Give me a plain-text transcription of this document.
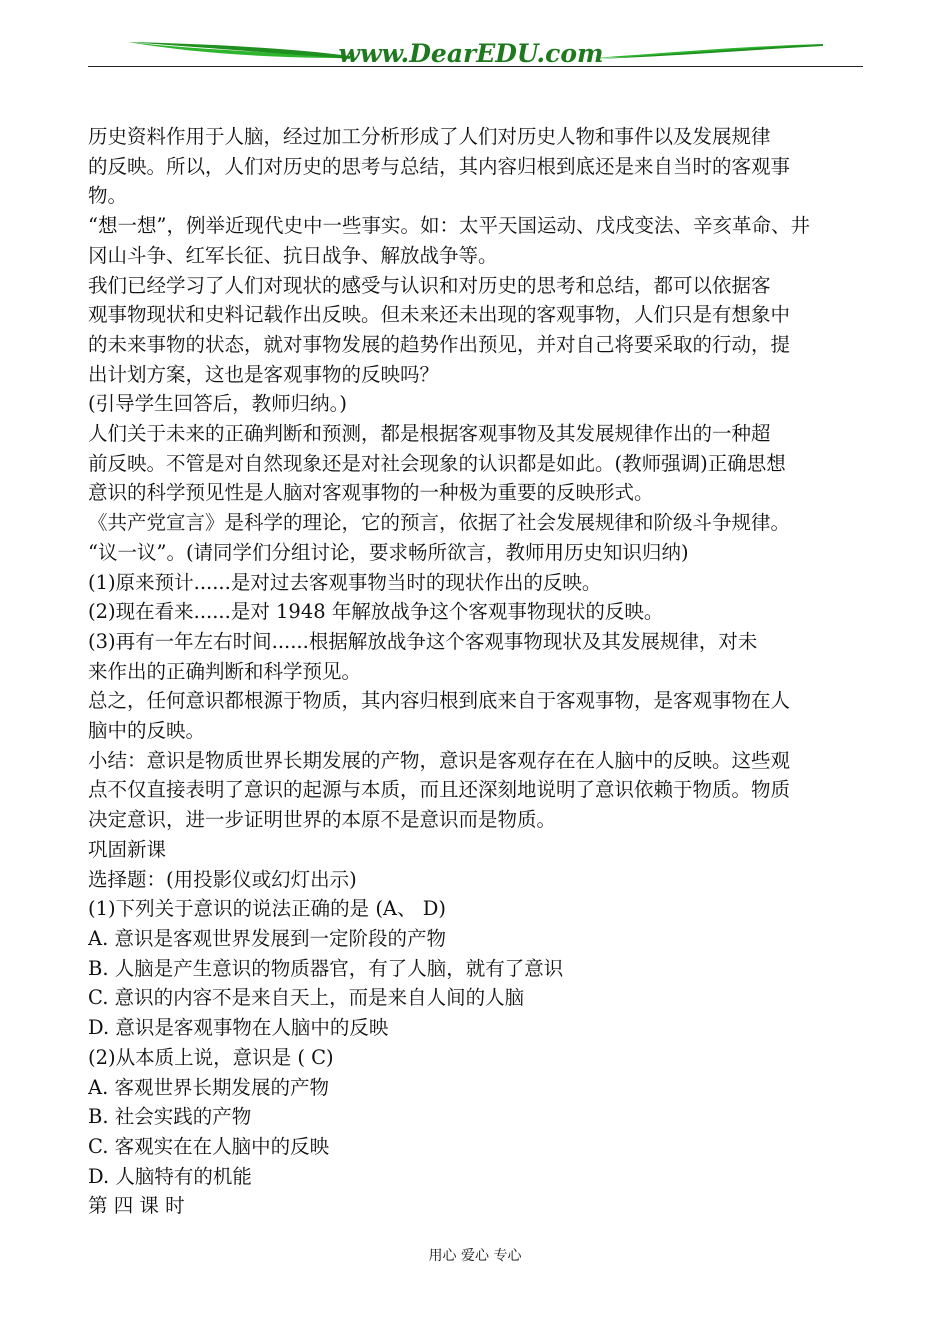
www.DearEDU.com

历史资料作用于人脑，经过加工分析形成了人们对历史人物和事件以及发展规律

的反映。所以，人们对历史的思考与总结，其内容归根到底还是来自当时的客观事

物。

“想一想”，例举近现代史中一些事实。如：太平天国运动、戊戌变法、辛亥革命、井

冈山斗争、红军长征、抗日战争、解放战争等。

我们已经学习了人们对现状的感受与认识和对历史的思考和总结，都可以依据客

观事物现状和史料记载作出反映。但未来还未出现的客观事物，人们只是有想象中

的未来事物的状态，就对事物发展的趋势作出预见，并对自己将要采取的行动，提

出计划方案，这也是客观事物的反映吗？

(引导学生回答后，教师归纳。)

人们关于未来的正确判断和预测，都是根据客观事物及其发展规律作出的一种超

前反映。不管是对自然现象还是对社会现象的认识都是如此。(教师强调)正确思想

意识的科学预见性是人脑对客观事物的一种极为重要的反映形式。

《共产党宣言》是科学的理论，它的预言，依据了社会发展规律和阶级斗争规律。

“议一议”。(请同学们分组讨论，要求畅所欲言，教师用历史知识归纳)

(1)原来预计......是对过去客观事物当时的现状作出的反映。

(2)现在看来......是对 1948 年解放战争这个客观事物现状的反映。

(3)再有一年左右时间......根据解放战争这个客观事物现状及其发展规律，对未

来作出的正确判断和科学预见。

总之，任何意识都根源于物质，其内容归根到底来自于客观事物，是客观事物在人

脑中的反映。

小结：意识是物质世界长期发展的产物，意识是客观存在在人脑中的反映。这些观

点不仅直接表明了意识的起源与本质，而且还深刻地说明了意识依赖于物质。物质

决定意识，进一步证明世界的本原不是意识而是物质。

巩固新课

选择题：(用投影仪或幻灯出示)

(1)下列关于意识的说法正确的是 (A、 D)

A. 意识是客观世界发展到一定阶段的产物

B. 人脑是产生意识的物质器官，有了人脑，就有了意识

C. 意识的内容不是来自天上，而是来自人间的人脑

D. 意识是客观事物在人脑中的反映

(2)从本质上说，意识是 ( C)

A. 客观世界长期发展的产物

B. 社会实践的产物

C. 客观实在在人脑中的反映

D. 人脑特有的机能

第 四 课 时

用心 爱心 专心
